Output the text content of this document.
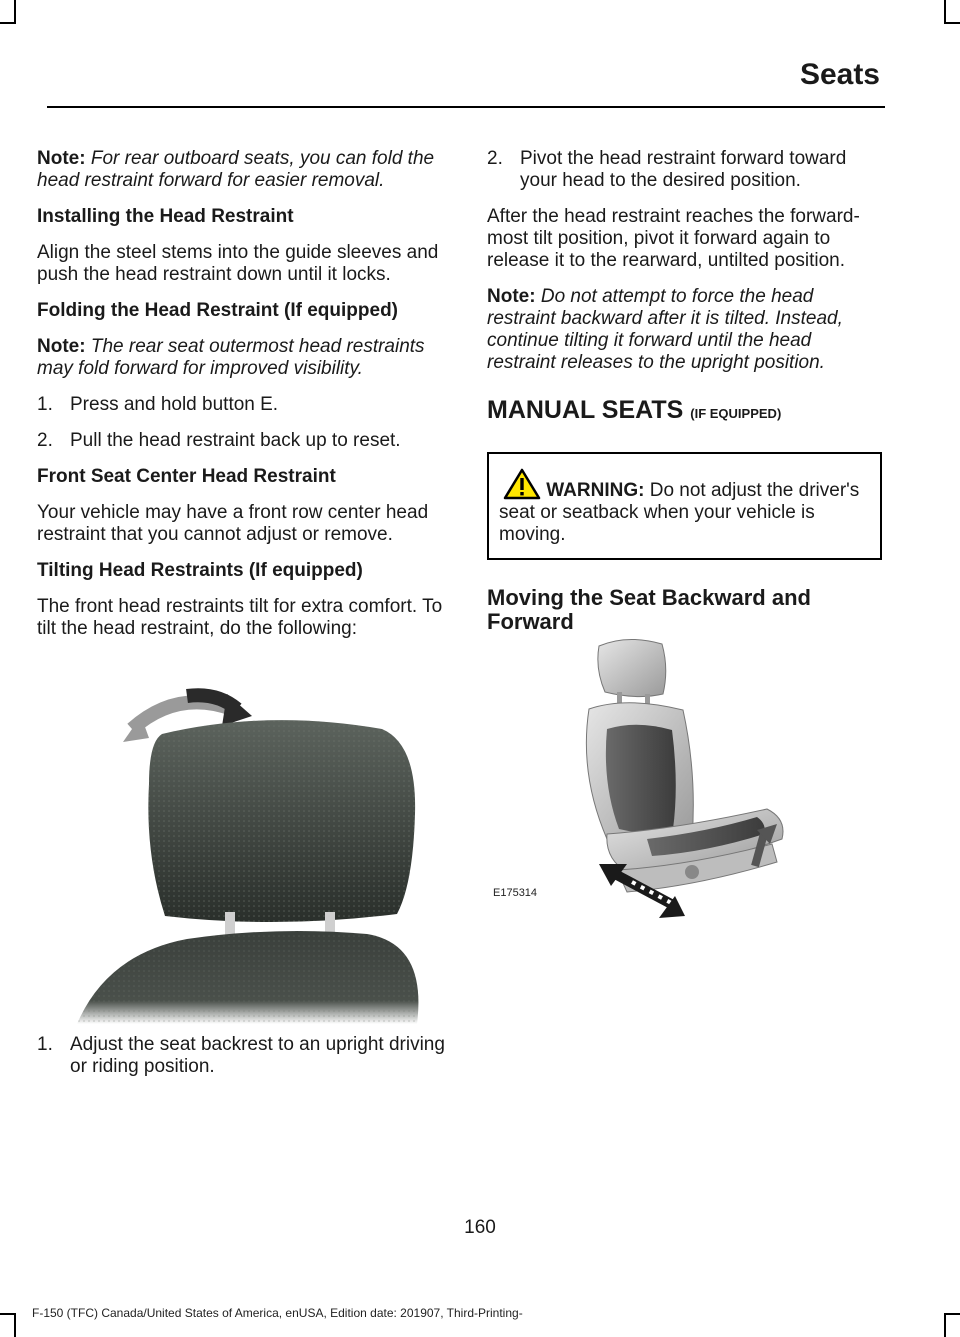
Seats

Note: For rear outboard seats, you can fold the head restraint forward for easier removal.

Installing the Head Restraint

Align the steel stems into the guide sleeves and push the head restraint down until it locks.

Folding the Head Restraint (If equipped)

Note: The rear seat outermost head restraints may fold forward for improved visibility.

1. Press and hold button E.
2. Pull the head restraint back up to reset.
Front Seat Center Head Restraint

Your vehicle may have a front row center head restraint that you cannot adjust or remove.

Tilting Head Restraints (If equipped)

The front head restraints tilt for extra comfort. To tilt the head restraint, do the following:

1. Adjust the seat backrest to an upright driving or riding position.
2. Pivot the head restraint forward toward your head to the desired position.

After the head restraint reaches the forward-most tilt position, pivot it forward again to release it to the rearward, untilted position.

Note: Do not attempt to force the head restraint backward after it is tilted. Instead, continue tilting it forward until the head restraint releases to the upright position.

MANUAL SEATS (IF EQUIPPED)
WARNING: Do not adjust the driver's seat or seatback when your vehicle is moving.
Moving the Seat Backward and Forward
E175314
160
F-150 (TFC) Canada/United States of America, enUSA, Edition date: 201907, Third-Printing-
